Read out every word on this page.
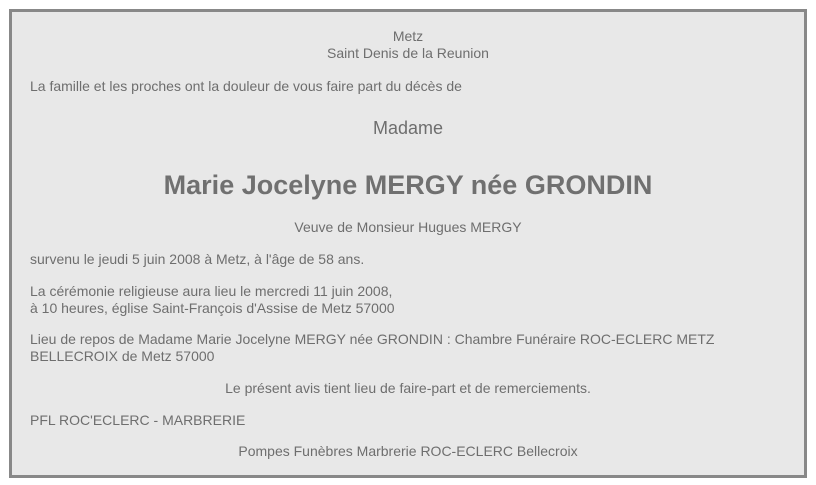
Metz
Saint Denis de la Reunion
La famille et les proches ont la douleur de vous faire part du décès de
Madame
Marie Jocelyne MERGY née GRONDIN
Veuve de Monsieur Hugues MERGY
survenu le jeudi 5 juin 2008 à Metz, à l'âge de 58 ans.
La cérémonie religieuse aura lieu le mercredi 11 juin 2008,
à 10 heures, église Saint-François d'Assise de Metz 57000
Lieu de repos de Madame Marie Jocelyne MERGY née GRONDIN : Chambre Funéraire ROC-ECLERC METZ BELLECROIX de Metz 57000
Le présent avis tient lieu de faire-part et de remerciements.
PFL ROC'ECLERC - MARBRERIE
Pompes Funèbres Marbrerie ROC-ECLERC Bellecroix
